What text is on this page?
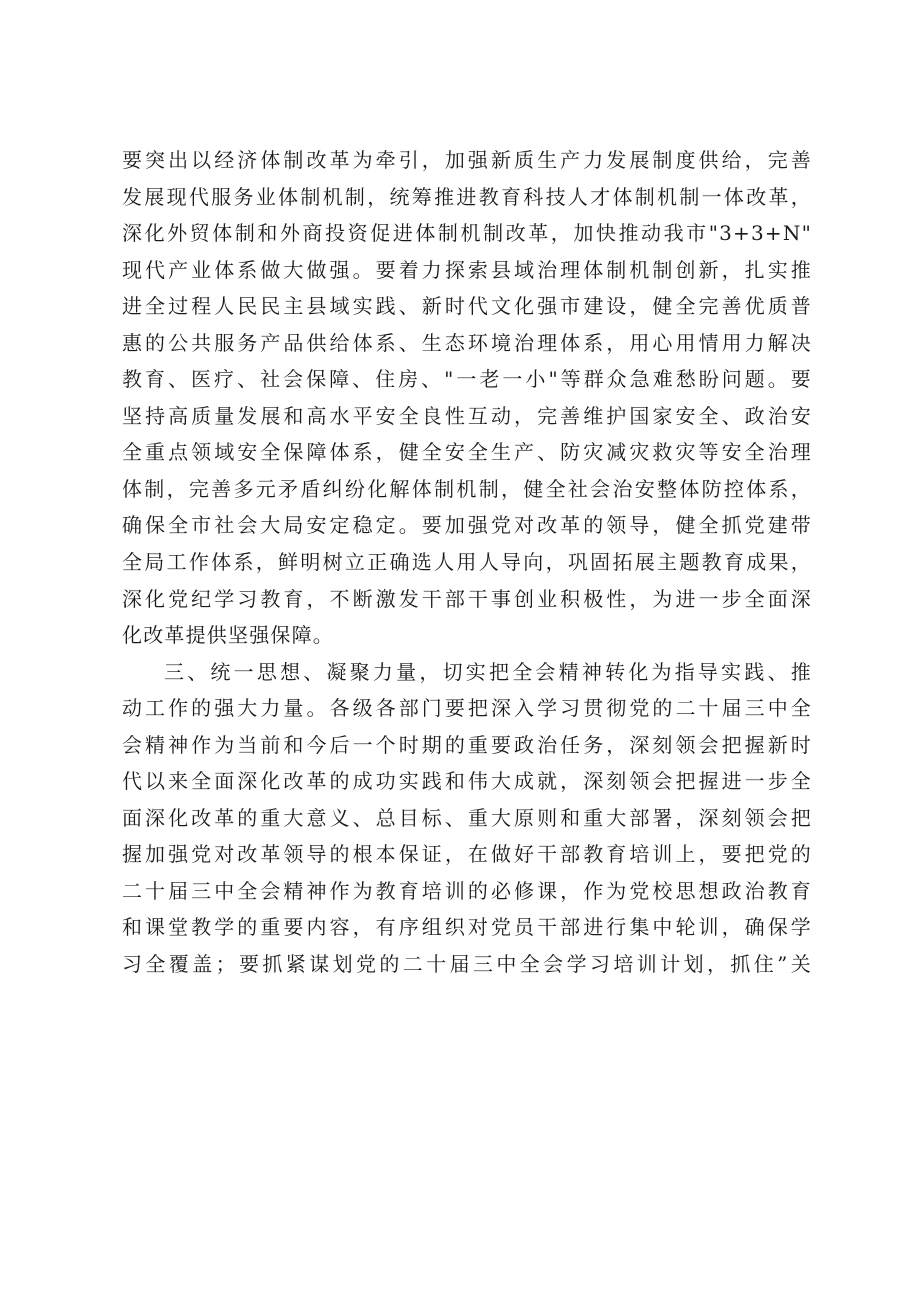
要突出以经济体制改革为牵引，加强新质生产力发展制度供给，完善
发展现代服务业体制机制，统筹推进教育科技人才体制机制一体改革，
深化外贸体制和外商投资促进体制机制改革，加快推动我市"3+3+N"
现代产业体系做大做强。要着力探索县域治理体制机制创新，扎实推
进全过程人民民主县域实践、新时代文化强市建设，健全完善优质普
惠的公共服务产品供给体系、生态环境治理体系，用心用情用力解决
教育、医疗、社会保障、住房、"一老一小"等群众急难愁盼问题。要
坚持高质量发展和高水平安全良性互动，完善维护国家安全、政治安
全重点领域安全保障体系，健全安全生产、防灾减灾救灾等安全治理
体制，完善多元矛盾纠纷化解体制机制，健全社会治安整体防控体系，
确保全市社会大局安定稳定。要加强党对改革的领导，健全抓党建带
全局工作体系，鲜明树立正确选人用人导向，巩固拓展主题教育成果，
深化党纪学习教育，不断激发干部干事创业积极性，为进一步全面深
化改革提供坚强保障。
三、统一思想、凝聚力量，切实把全会精神转化为指导实践、推
动工作的强大力量。各级各部门要把深入学习贯彻党的二十届三中全
会精神作为当前和今后一个时期的重要政治任务，深刻领会把握新时
代以来全面深化改革的成功实践和伟大成就，深刻领会把握进一步全
面深化改革的重大意义、总目标、重大原则和重大部署，深刻领会把
握加强党对改革领导的根本保证，在做好干部教育培训上，要把党的
二十届三中全会精神作为教育培训的必修课，作为党校思想政治教育
和课堂教学的重要内容，有序组织对党员干部进行集中轮训，确保学
习全覆盖；要抓紧谋划党的二十届三中全会学习培训计划，抓住”关
